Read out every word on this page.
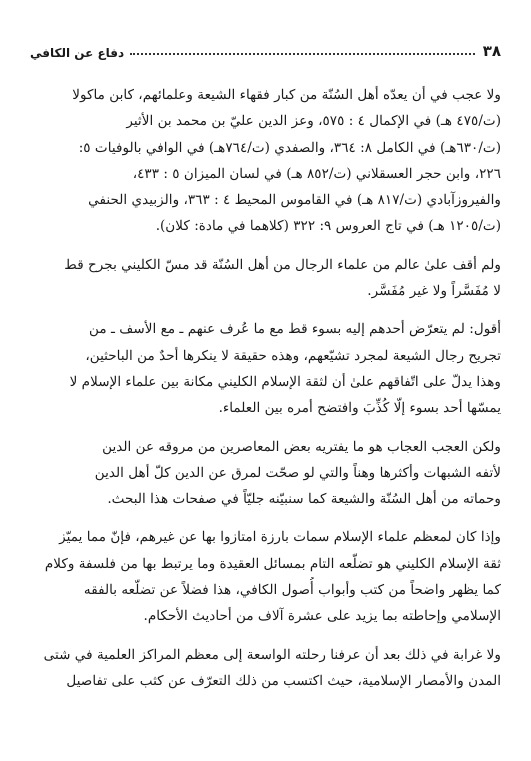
٣٨
دفاع عن الكافي

ولا عجب في أن يعدّه أهل السُنّة من كبار فقهاء الشيعة وعلمائهم، كابن ماكولا
(ت/٤٧٥ هـ) في الإكمال ٤ : ٥٧٥، وعز الدين عليّ بن محمد بن الأثير
(ت/٦٣٠هـ) في الكامل ٨: ٣٦٤، والصفدي (ت/٧٦٤هـ) في الوافي بالوفيات ٥:
٢٢٦، وابن حجر العسقلاني (ت/٨٥٢ هـ) في لسان الميزان ٥ : ٤٣٣،
والفيروزآبادي (ت/٨١٧ هـ) في القاموس المحيط ٤ : ٣٦٣، والزبيدي الحنفي
(ت/١٢٠٥ هـ) في تاج العروس ٩: ٣٢٢ (كلاهما في مادة: كلان).

ولم أقف علىٰ عالم من علماء الرجال من أهل السُنّة قد مسّ الكليني بجرح قط
لا مُفَسَّراً ولا غير مُفَسَّر.

أقول: لم يتعرّض أحدهم إليه بسوء قط مع ما عُرف عنهم ـ مع الأسف ـ من
تجريح رجال الشيعة لمجرد تشيّعهم، وهذه حقيقة لا ينكرها أحدٌ من الباحثين،
وهذا يدلّ على اتّفاقهم علىٰ أن لثقة الإسلام الكليني مكانة بين علماء الإسلام لا
يمسّها أحد بسوء إلّا كُذِّبَ وافتضح أمره بين العلماء.

ولكن العجب العجاب هو ما يفتريه بعض المعاصرين من مروقه عن الدين
لأتفه الشبهات وأكثرها وهناً والتي لو صحّت لمرق عن الدين كلّ أهل الدين
وحماته من أهل السُنّة والشيعة كما سنبيّنه جليّاً في صفحات هذا البحث.

وإذا كان لمعظم علماء الإسلام سمات بارزة امتازوا بها عن غيرهم، فإنّ مما يميّز
ثقة الإسلام الكليني هو تضلّعه التام بمسائل العقيدة وما يرتبط بها من فلسفة وكلام
كما يظهر واضحاً من كتب وأبواب أُصول الكافي، هذا فضلاً عن تضلّعه بالفقه
الإسلامي وإحاطته بما يزيد على عشرة آلاف من أحاديث الأحكام.

ولا غرابة في ذلك بعد أن عرفنا رحلته الواسعة إلى معظم المراكز العلمية في شتى
المدن والأمصار الإسلامية، حيث اكتسب من ذلك التعرّف عن كثب على تفاصيل
